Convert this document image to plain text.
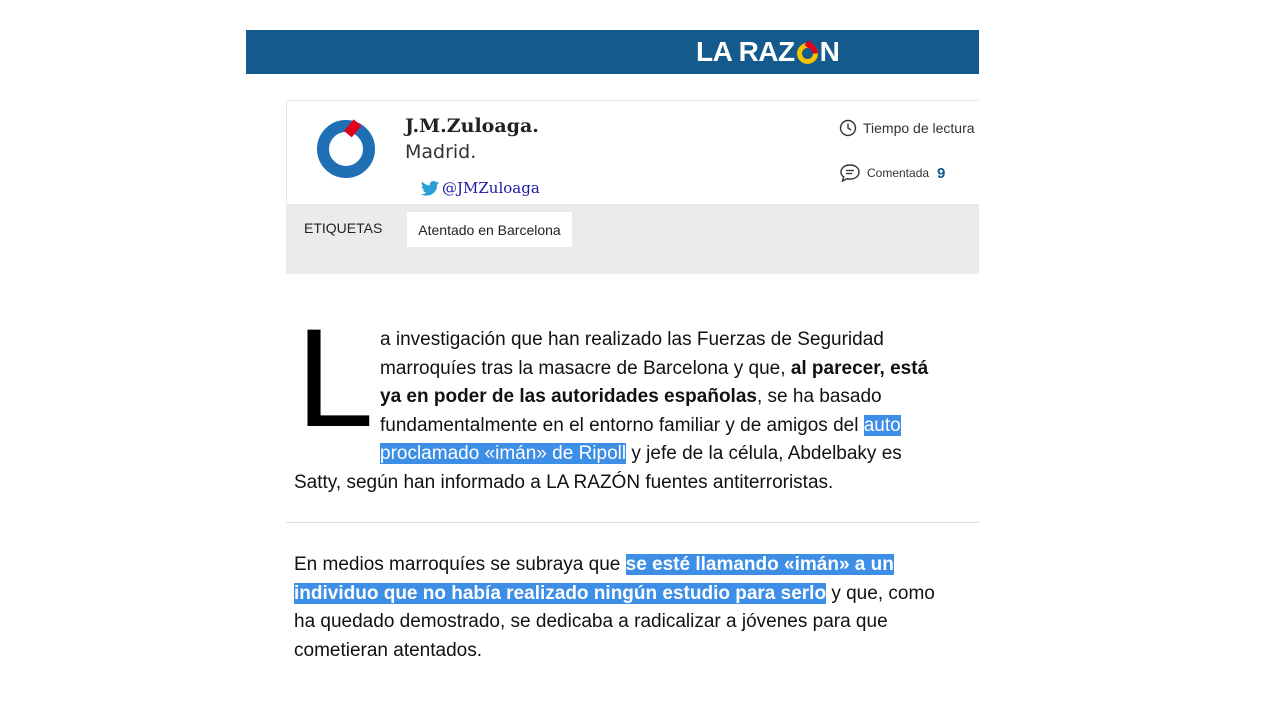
LA RAZ N
J.M.Zuloaga.
Madrid.
@JMZuloaga
Tiempo de lectura
Comentada 9
ETIQUETAS	Atentado en Barcelona
L a investigación que han realizado las Fuerzas de Seguridad
marroquíes tras la masacre de Barcelona y que, al parecer, está
ya en poder de las autoridades españolas, se ha basado
fundamentalmente en el entorno familiar y de amigos del auto
proclamado «imán» de Ripoll y jefe de la célula, Abdelbaky es
Satty, según han informado a LA RAZÓN fuentes antiterroristas.
En medios marroquíes se subraya que se esté llamando «imán» a un
individuo que no había realizado ningún estudio para serlo y que, como
ha quedado demostrado, se dedicaba a radicalizar a jóvenes para que
cometieran atentados.
